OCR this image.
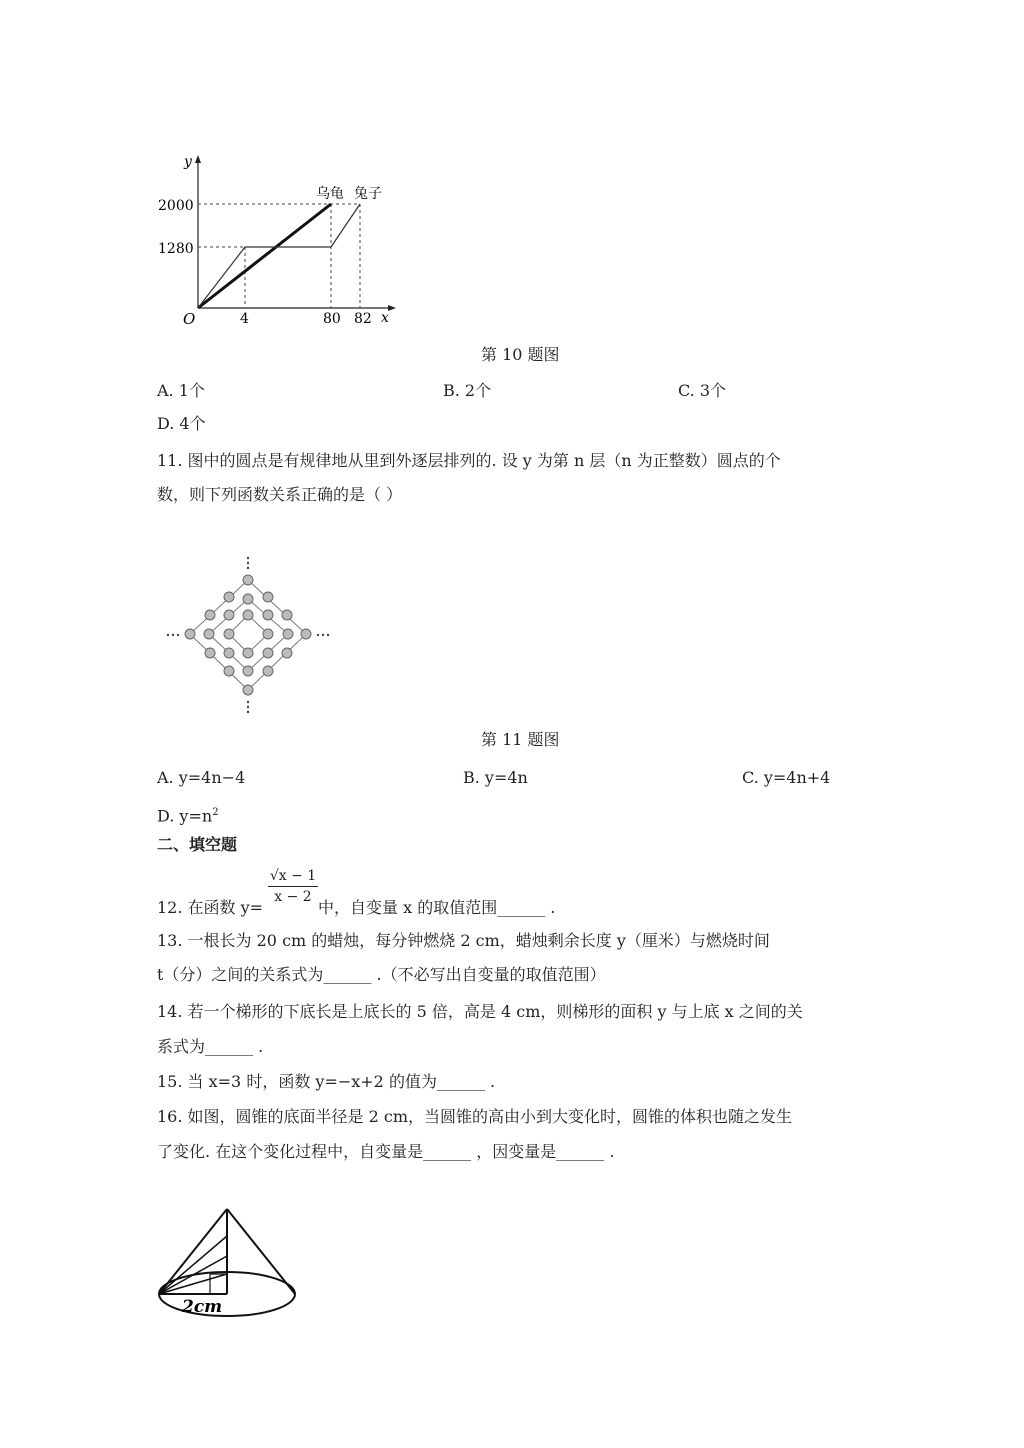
y
x
O
2000
1280
4	80 82
乌龟 兔子
第 10 题图
A. 1个	B. 2个	C. 3个
D. 4个
11. 图中的圆点是有规律地从里到外逐层排列的. 设 y 为第 n 层（n 为正整数）圆点的个
数，则下列函数关系正确的是（ ）
第 11 题图
A. y=4n−4	B. y=4n	C. y=4n+4
D. $y=n^2$
二、填空题
$\frac{√x - 1}{x - 2}$
12. 在函数 y=	中，自变量 x 的取值范围______ .
13. 一根长为 20 cm 的蜡烛，每分钟燃烧 2 cm，蜡烛剩余长度 y（厘米）与燃烧时间
t（分）之间的关系式为______ .（不必写出自变量的取值范围）
14. 若一个梯形的下底长是上底长的 5 倍，高是 4 cm，则梯形的面积 y 与上底 x 之间的关
系式为______ .
15. 当 x=3 时，函数 y=−x+2 的值为______ .
16. 如图，圆锥的底面半径是 2 cm，当圆锥的高由小到大变化时，圆锥的体积也随之发生
了变化. 在这个变化过程中，自变量是______ ，因变量是______ .
2cm
